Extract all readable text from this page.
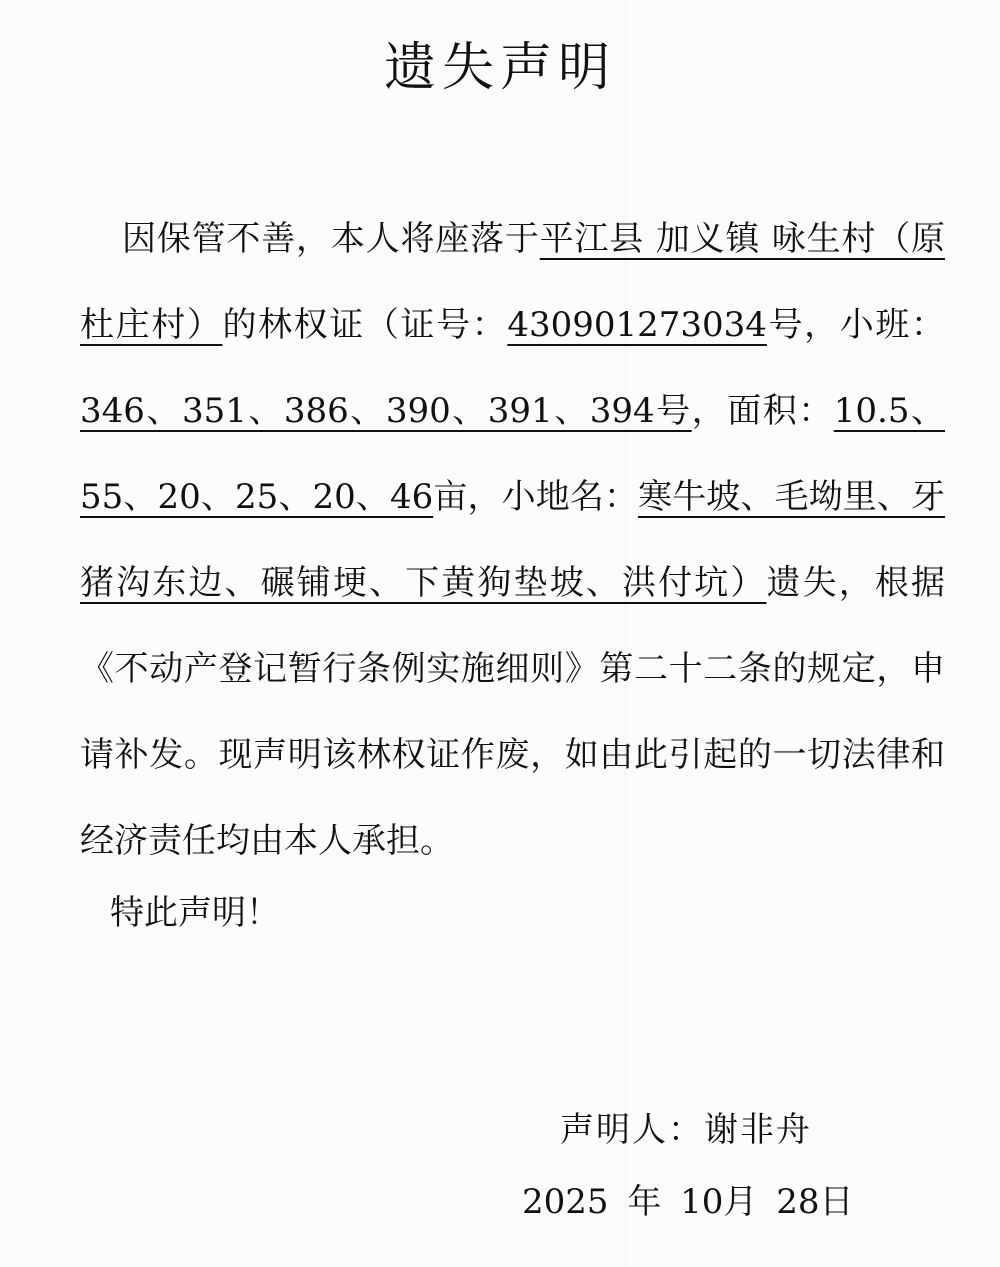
遗失声明
因保管不善，本人将座落于平江县 加义镇 咏生村（原杜庄村）的林权证（证号：430901273034号，小班：346、351、386、390、391、394号，面积：10.5、55、20、25、20、46亩，小地名：寒牛坡、毛坳里、牙猪沟东边、碾铺埂、下黄狗垫坡、洪付坑）遗失，根据《不动产登记暂行条例实施细则》第二十二条的规定，申请补发。现声明该林权证作废，如由此引起的一切法律和经济责任均由本人承担。
特此声明！
声明人：谢非舟
2025 年 10月 28日
